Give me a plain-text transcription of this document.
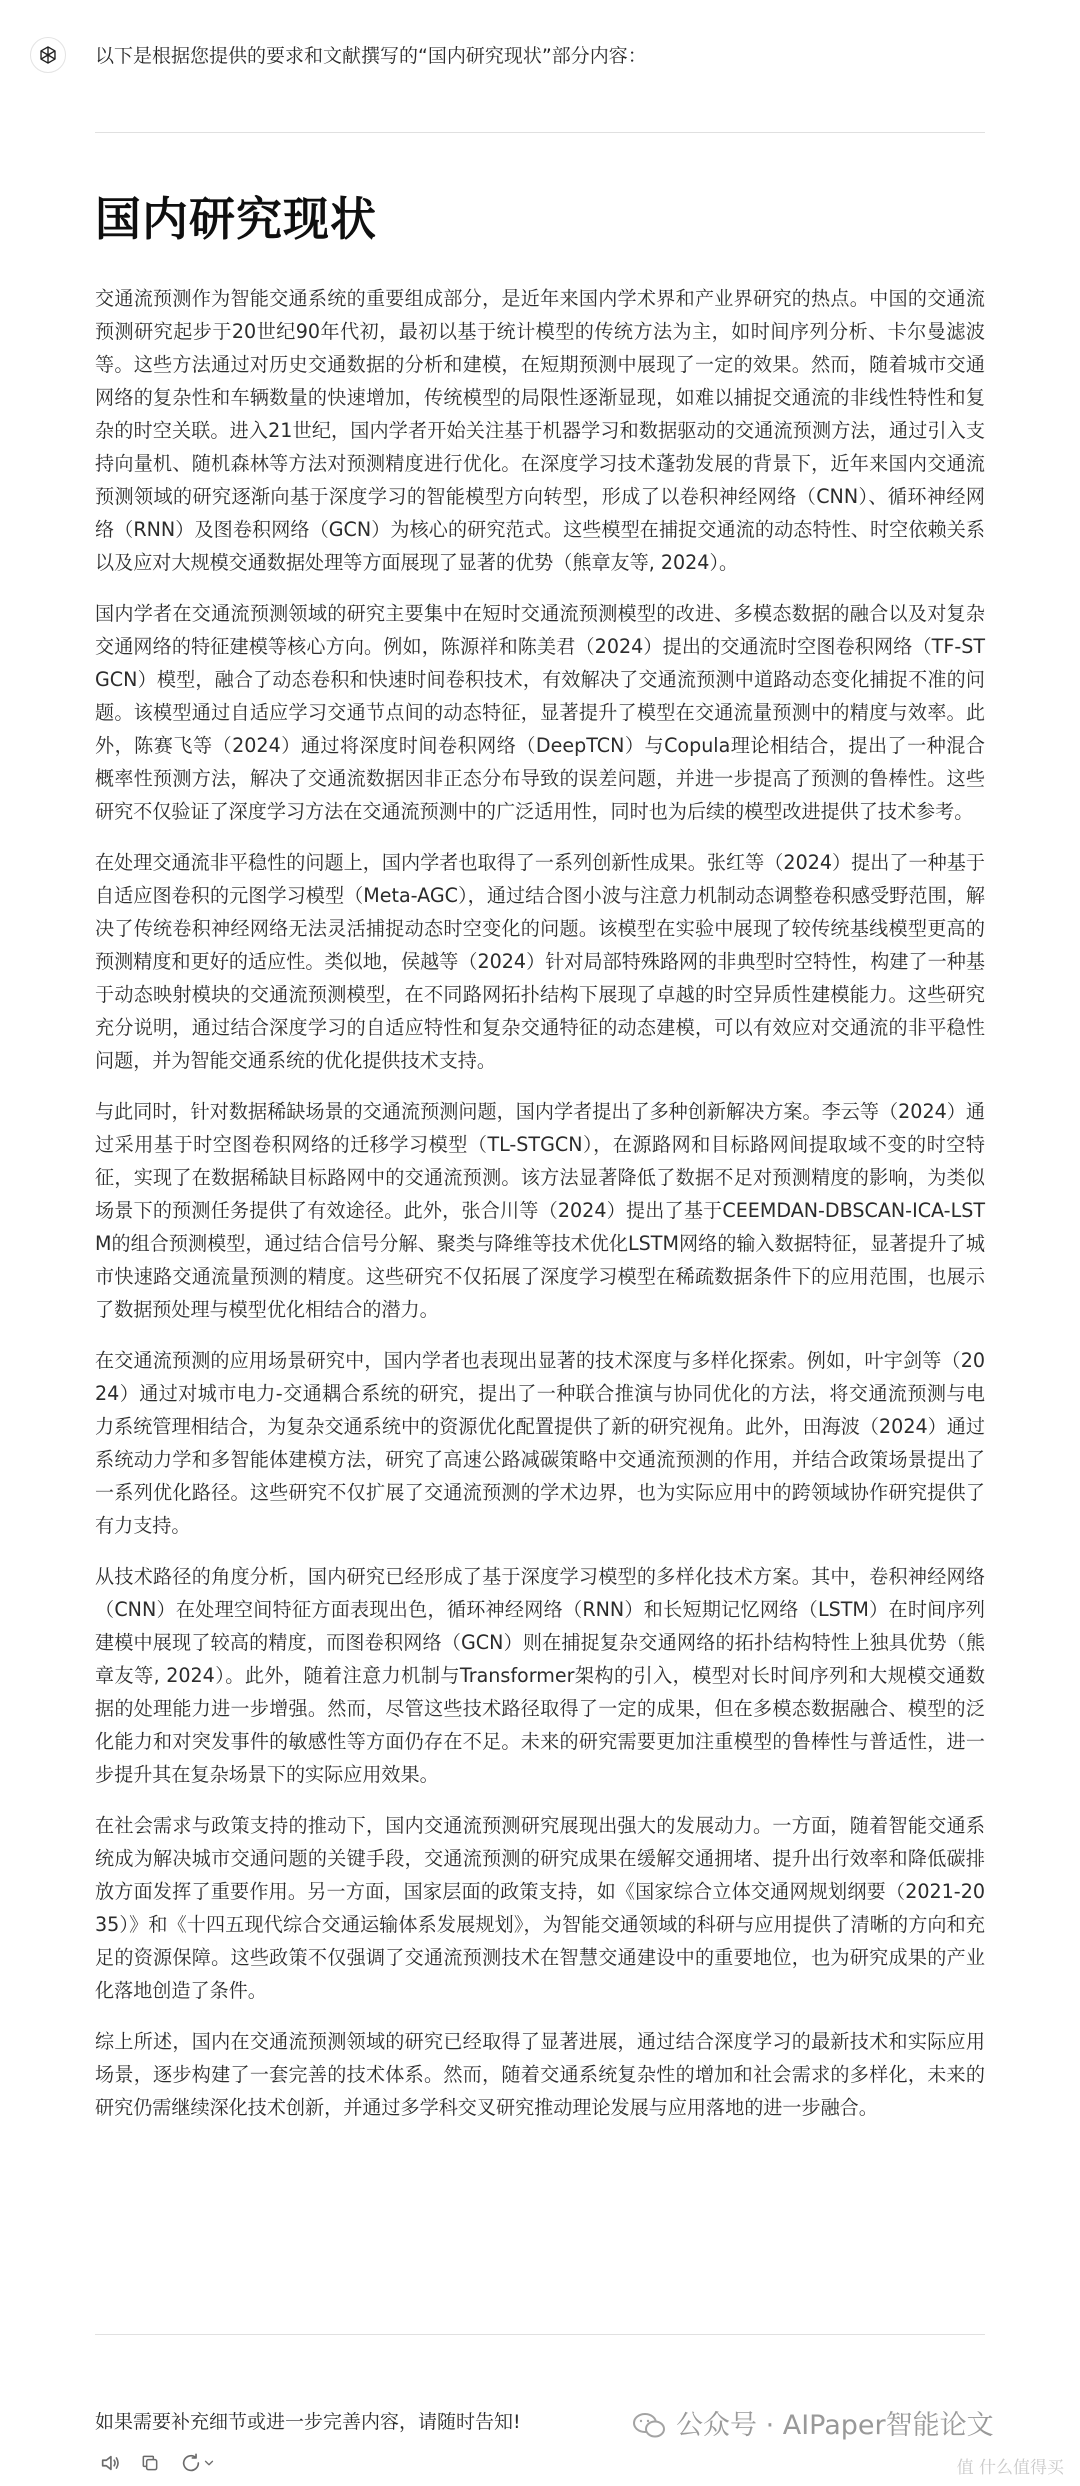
以下是根据您提供的要求和文献撰写的“国内研究现状”部分内容：

国内研究现状

交通流预测作为智能交通系统的重要组成部分，是近年来国内学术界和产业界研究的热点。中国的交通流预测研究起步于20世纪90年代初，最初以基于统计模型的传统方法为主，如时间序列分析、卡尔曼滤波等。这些方法通过对历史交通数据的分析和建模，在短期预测中展现了一定的效果。然而，随着城市交通网络的复杂性和车辆数量的快速增加，传统模型的局限性逐渐显现，如难以捕捉交通流的非线性特性和复杂的时空关联。进入21世纪，国内学者开始关注基于机器学习和数据驱动的交通流预测方法，通过引入支持向量机、随机森林等方法对预测精度进行优化。在深度学习技术蓬勃发展的背景下，近年来国内交通流预测领域的研究逐渐向基于深度学习的智能模型方向转型，形成了以卷积神经网络（CNN）、循环神经网络（RNN）及图卷积网络（GCN）为核心的研究范式。这些模型在捕捉交通流的动态特性、时空依赖关系以及应对大规模交通数据处理等方面展现了显著的优势（熊章友等, 2024）。

国内学者在交通流预测领域的研究主要集中在短时交通流预测模型的改进、多模态数据的融合以及对复杂交通网络的特征建模等核心方向。例如，陈源祥和陈美君（2024）提出的交通流时空图卷积网络（TF-STGCN）模型，融合了动态卷积和快速时间卷积技术，有效解决了交通流预测中道路动态变化捕捉不准的问题。该模型通过自适应学习交通节点间的动态特征，显著提升了模型在交通流量预测中的精度与效率。此外，陈赛飞等（2024）通过将深度时间卷积网络（DeepTCN）与Copula理论相结合，提出了一种混合概率性预测方法，解决了交通流数据因非正态分布导致的误差问题，并进一步提高了预测的鲁棒性。这些研究不仅验证了深度学习方法在交通流预测中的广泛适用性，同时也为后续的模型改进提供了技术参考。

在处理交通流非平稳性的问题上，国内学者也取得了一系列创新性成果。张红等（2024）提出了一种基于自适应图卷积的元图学习模型（Meta-AGC），通过结合图小波与注意力机制动态调整卷积感受野范围，解决了传统卷积神经网络无法灵活捕捉动态时空变化的问题。该模型在实验中展现了较传统基线模型更高的预测精度和更好的适应性。类似地，侯越等（2024）针对局部特殊路网的非典型时空特性，构建了一种基于动态映射模块的交通流预测模型，在不同路网拓扑结构下展现了卓越的时空异质性建模能力。这些研究充分说明，通过结合深度学习的自适应特性和复杂交通特征的动态建模，可以有效应对交通流的非平稳性问题，并为智能交通系统的优化提供技术支持。

与此同时，针对数据稀缺场景的交通流预测问题，国内学者提出了多种创新解决方案。李云等（2024）通过采用基于时空图卷积网络的迁移学习模型（TL-STGCN），在源路网和目标路网间提取域不变的时空特征，实现了在数据稀缺目标路网中的交通流预测。该方法显著降低了数据不足对预测精度的影响，为类似场景下的预测任务提供了有效途径。此外，张合川等（2024）提出了基于CEEMDAN-DBSCAN-ICA-LSTM的组合预测模型，通过结合信号分解、聚类与降维等技术优化LSTM网络的输入数据特征，显著提升了城市快速路交通流量预测的精度。这些研究不仅拓展了深度学习模型在稀疏数据条件下的应用范围，也展示了数据预处理与模型优化相结合的潜力。

在交通流预测的应用场景研究中，国内学者也表现出显著的技术深度与多样化探索。例如，叶宇剑等（2024）通过对城市电力-交通耦合系统的研究，提出了一种联合推演与协同优化的方法，将交通流预测与电力系统管理相结合，为复杂交通系统中的资源优化配置提供了新的研究视角。此外，田海波（2024）通过系统动力学和多智能体建模方法，研究了高速公路减碳策略中交通流预测的作用，并结合政策场景提出了一系列优化路径。这些研究不仅扩展了交通流预测的学术边界，也为实际应用中的跨领域协作研究提供了有力支持。

从技术路径的角度分析，国内研究已经形成了基于深度学习模型的多样化技术方案。其中，卷积神经网络（CNN）在处理空间特征方面表现出色，循环神经网络（RNN）和长短期记忆网络（LSTM）在时间序列建模中展现了较高的精度，而图卷积网络（GCN）则在捕捉复杂交通网络的拓扑结构特性上独具优势（熊章友等, 2024）。此外，随着注意力机制与Transformer架构的引入，模型对长时间序列和大规模交通数据的处理能力进一步增强。然而，尽管这些技术路径取得了一定的成果，但在多模态数据融合、模型的泛化能力和对突发事件的敏感性等方面仍存在不足。未来的研究需要更加注重模型的鲁棒性与普适性，进一步提升其在复杂场景下的实际应用效果。

在社会需求与政策支持的推动下，国内交通流预测研究展现出强大的发展动力。一方面，随着智能交通系统成为解决城市交通问题的关键手段，交通流预测的研究成果在缓解交通拥堵、提升出行效率和降低碳排放方面发挥了重要作用。另一方面，国家层面的政策支持，如《国家综合立体交通网规划纲要（2021-2035）》和《十四五现代综合交通运输体系发展规划》，为智能交通领域的科研与应用提供了清晰的方向和充足的资源保障。这些政策不仅强调了交通流预测技术在智慧交通建设中的重要地位，也为研究成果的产业化落地创造了条件。

综上所述，国内在交通流预测领域的研究已经取得了显著进展，通过结合深度学习的最新技术和实际应用场景，逐步构建了一套完善的技术体系。然而，随着交通系统复杂性的增加和社会需求的多样化，未来的研究仍需继续深化技术创新，并通过多学科交叉研究推动理论发展与应用落地的进一步融合。

如果需要补充细节或进一步完善内容，请随时告知!	公众号 · AIPaper智能论文
值 什么值得买
